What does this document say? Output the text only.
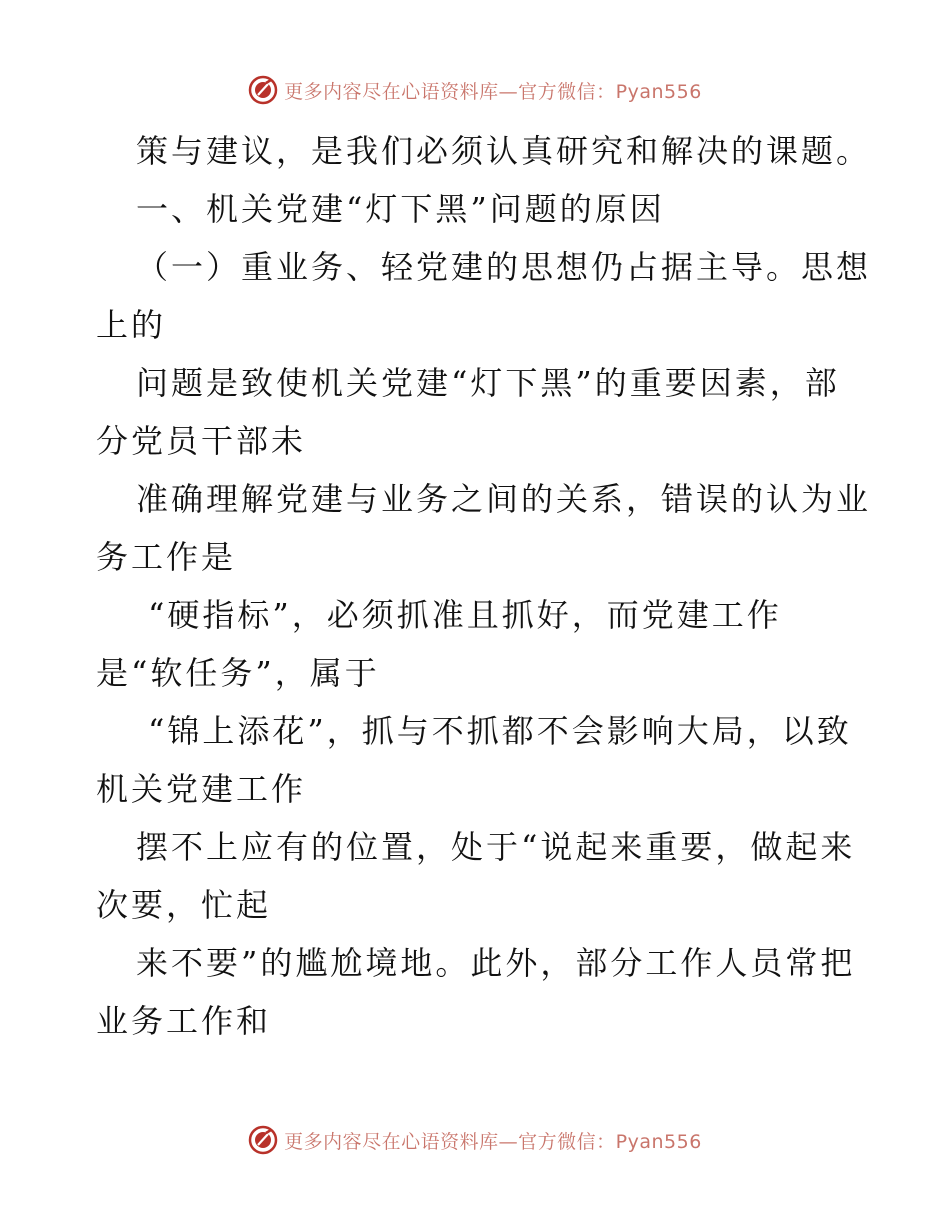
更多内容尽在心语资料库—官方微信：Pyan556
策与建议，是我们必须认真研究和解决的课题。
一、机关党建“灯下黑”问题的原因
（一）重业务、轻党建的思想仍占据主导。思想
上的
问题是致使机关党建“灯下黑”的重要因素，部
分党员干部未
准确理解党建与业务之间的关系，错误的认为业
务工作是
“硬指标”，必须抓准且抓好，而党建工作
是“软任务”，属于
“锦上添花”，抓与不抓都不会影响大局，以致
机关党建工作
摆不上应有的位置，处于“说起来重要，做起来
次要，忙起
来不要”的尴尬境地。此外，部分工作人员常把
业务工作和
更多内容尽在心语资料库—官方微信：Pyan556
